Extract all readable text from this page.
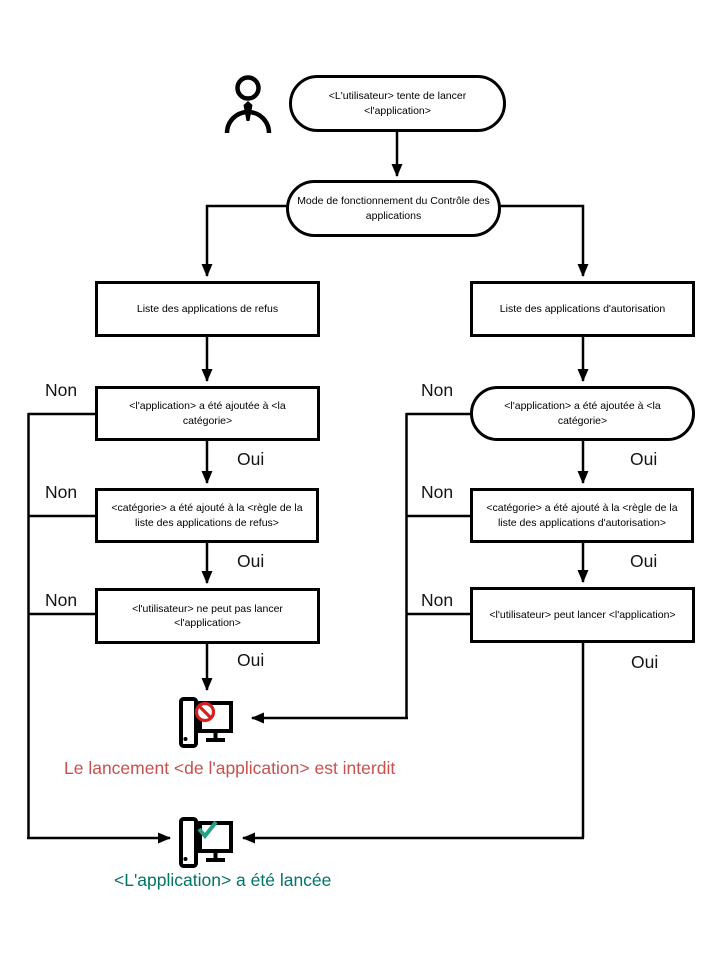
<L'utilisateur> tente de lancer <l'application>
Mode de fonctionnement du Contrôle des applications
Liste des applications de refus	Liste des applications d'autorisation
<l'application> a été ajoutée à <la catégorie>
<l'application> a été ajoutée à <la catégorie>
<catégorie> a été ajouté à la <règle de la liste des applications de refus>
<catégorie> a été ajouté à la <règle de la liste des applications d'autorisation>
<l'utilisateur> ne peut pas lancer <l'application>
<l'utilisateur> peut lancer <l'application>
Non
Non
Non
Non
Non
Non
Oui
Oui
Oui
Oui
Oui
Oui
Le lancement <de l'application> est interdit
<L'application> a été lancée
